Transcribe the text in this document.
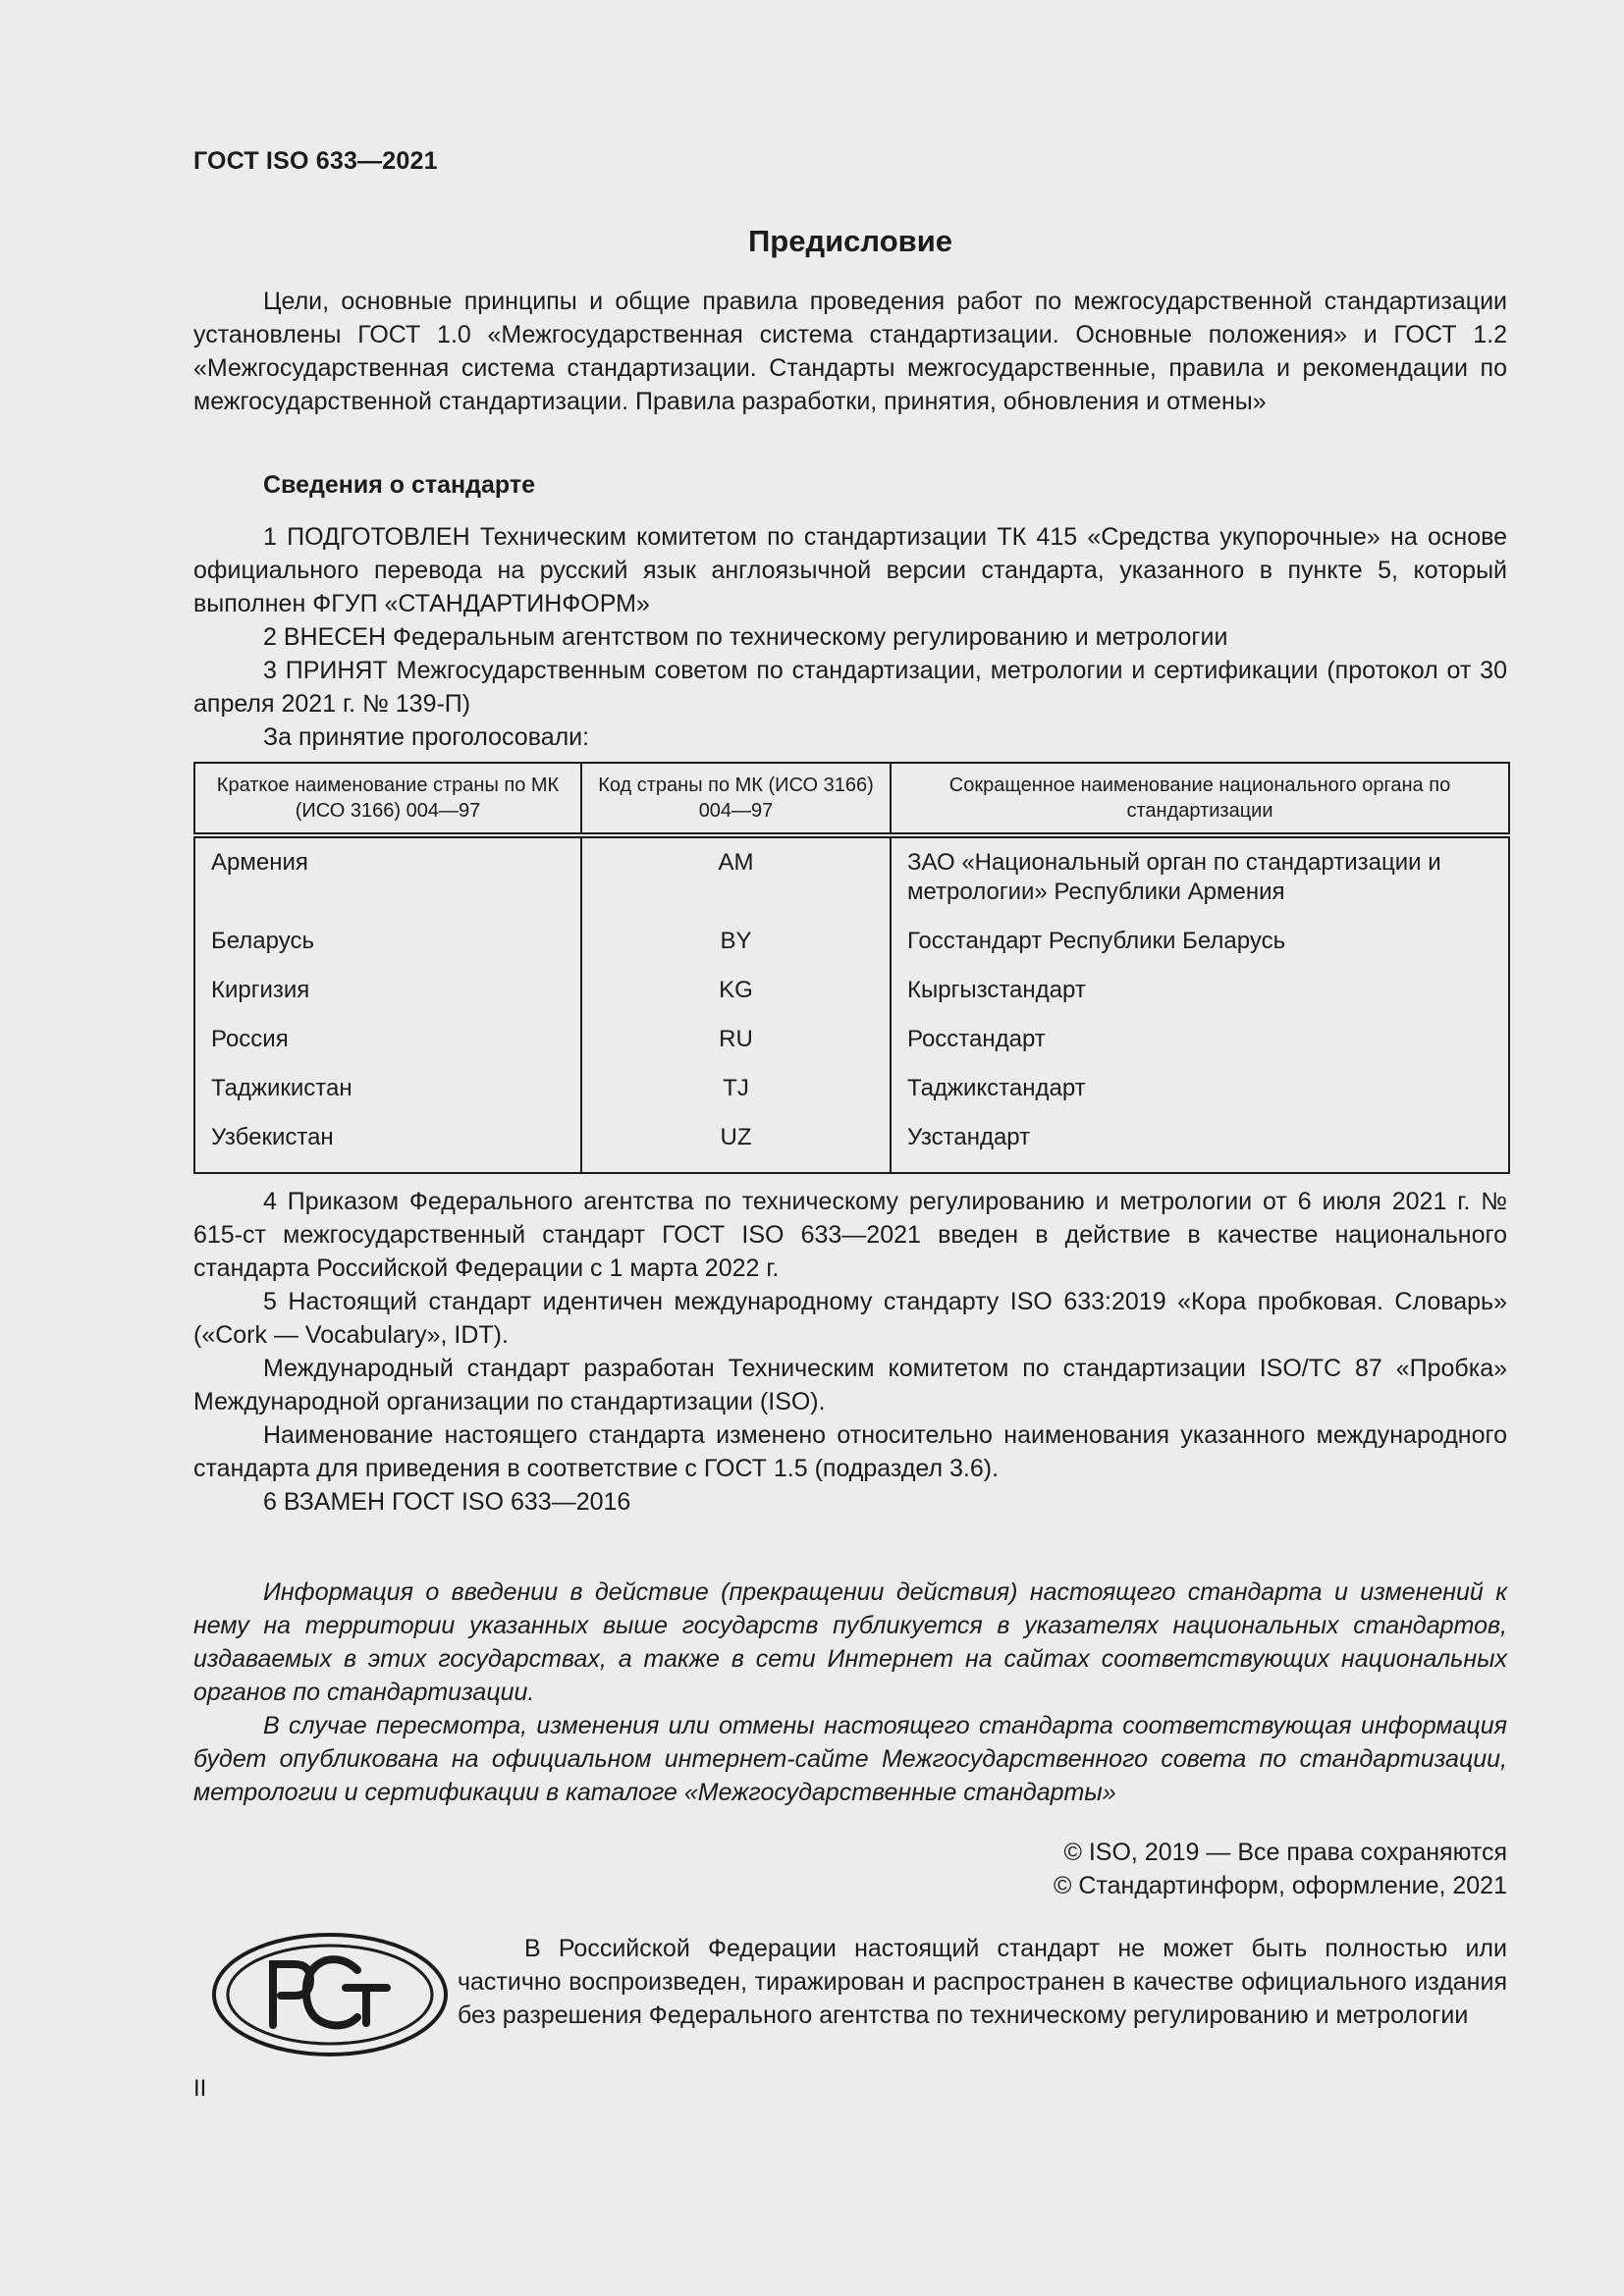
ГОСТ ISO 633—2021
Предисловие

Цели, основные принципы и общие правила проведения работ по межгосударственной стандартизации установлены ГОСТ 1.0 «Межгосударственная система стандартизации. Основные положения» и ГОСТ 1.2 «Межгосударственная система стандартизации. Стандарты межгосударственные, правила и рекомендации по межгосударственной стандартизации. Правила разработки, принятия, обновления и отмены»

Сведения о стандарте

1 ПОДГОТОВЛЕН Техническим комитетом по стандартизации ТК 415 «Средства укупорочные» на основе официального перевода на русский язык англоязычной версии стандарта, указанного в пункте 5, который выполнен ФГУП «СТАНДАРТИНФОРМ»

2 ВНЕСЕН Федеральным агентством по техническому регулированию и метрологии

3 ПРИНЯТ Межгосударственным советом по стандартизации, метрологии и сертификации (протокол от 30 апреля 2021 г. № 139-П)

За принятие проголосовали:

Краткое наименование страны по МК (ИСО 3166) 004—97	Код страны по МК (ИСО 3166) 004—97	Сокращенное наименование национального органа по стандартизации
Армения	AM	ЗАО «Национальный орган по стандартизации и метрологии» Республики Армения
Беларусь	BY	Госстандарт Республики Беларусь
Киргизия	KG	Кыргызстандарт
Россия	RU	Росстандарт
Таджикистан	TJ	Таджикстандарт
Узбекистан	UZ	Узстандарт

4 Приказом Федерального агентства по техническому регулированию и метрологии от 6 июля 2021 г. № 615-ст межгосударственный стандарт ГОСТ ISO 633—2021 введен в действие в качестве национального стандарта Российской Федерации с 1 марта 2022 г.

5 Настоящий стандарт идентичен международному стандарту ISO 633:2019 «Кора пробковая. Словарь» («Cork — Vocabulary», IDT).

Международный стандарт разработан Техническим комитетом по стандартизации ISO/TC 87 «Пробка» Международной организации по стандартизации (ISO).

Наименование настоящего стандарта изменено относительно наименования указанного международного стандарта для приведения в соответствие с ГОСТ 1.5 (подраздел 3.6).

6 ВЗАМЕН ГОСТ ISO 633—2016

Информация о введении в действие (прекращении действия) настоящего стандарта и изменений к нему на территории указанных выше государств публикуется в указателях национальных стандартов, издаваемых в этих государствах, а также в сети Интернет на сайтах соответствующих национальных органов по стандартизации.

В случае пересмотра, изменения или отмены настоящего стандарта соответствующая информация будет опубликована на официальном интернет-сайте Межгосударственного совета по стандартизации, метрологии и сертификации в каталоге «Межгосударственные стандарты»

© ISO, 2019 — Все права сохраняются
© Стандартинформ, оформление, 2021
РСТ

В Российской Федерации настоящий стандарт не может быть полностью или частично воспроизведен, тиражирован и распространен в качестве официального издания без разрешения Федерального агентства по техническому регулированию и метрологии

II
